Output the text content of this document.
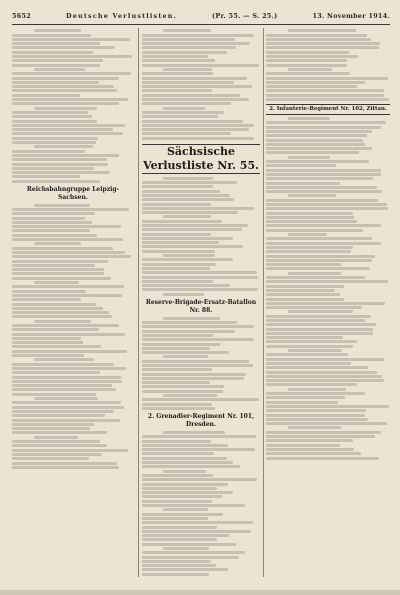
5652	Deutsche Verlustlisten.	(Pr. 55. — S. 25.)	13. November 1914.
Reichsbahngruppe Leipzig-Sachsen.
Sächsische Verlustliste Nr. 55.
Reserve-Brigade-Ersatz-Batallon Nr. 88.
2. Grenadier-Regiment Nr. 101, Dresden.
2. Infanterie-Regiment Nr. 102, Zittau.
